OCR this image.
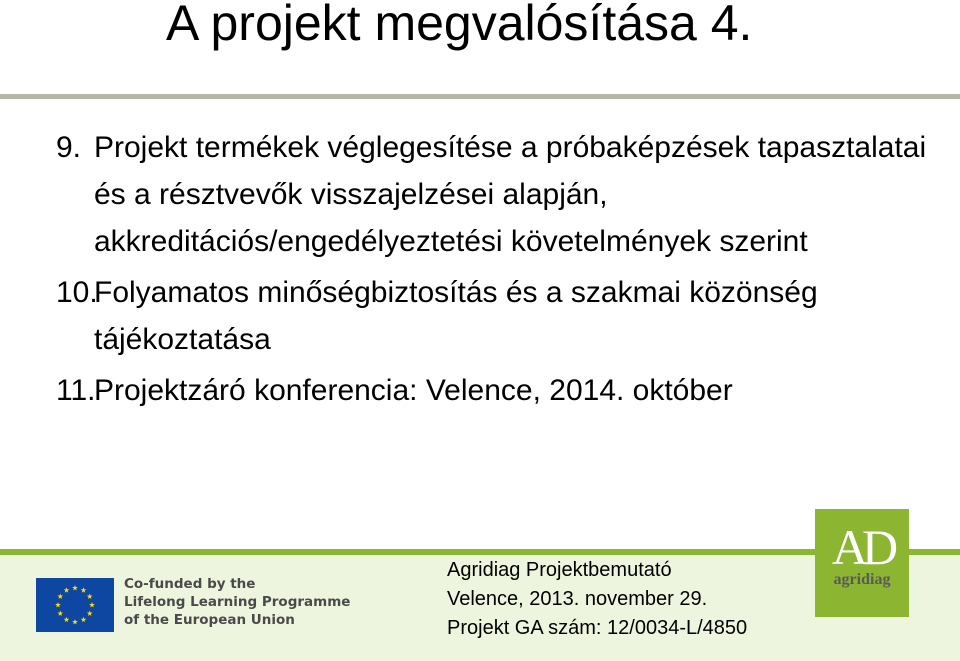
A projekt megvalósítása 4.
9. Projekt termékek véglegesítése a próbaképzések tapasztalatai és a résztvevők visszajelzései alapján, akkreditációs/engedélyeztetési követelmények szerint
10.
Folyamatos minőségbiztosítás és a szakmai közönség tájékoztatása
11.
Projektzáró konferencia: Velence, 2014. október
Co-funded by the
Lifelong Learning Programme
of the European Union
Agridiag Projektbemutató
Velence, 2013. november 29.
Projekt GA szám: 12/0034-L/4850
AD
agridiag
